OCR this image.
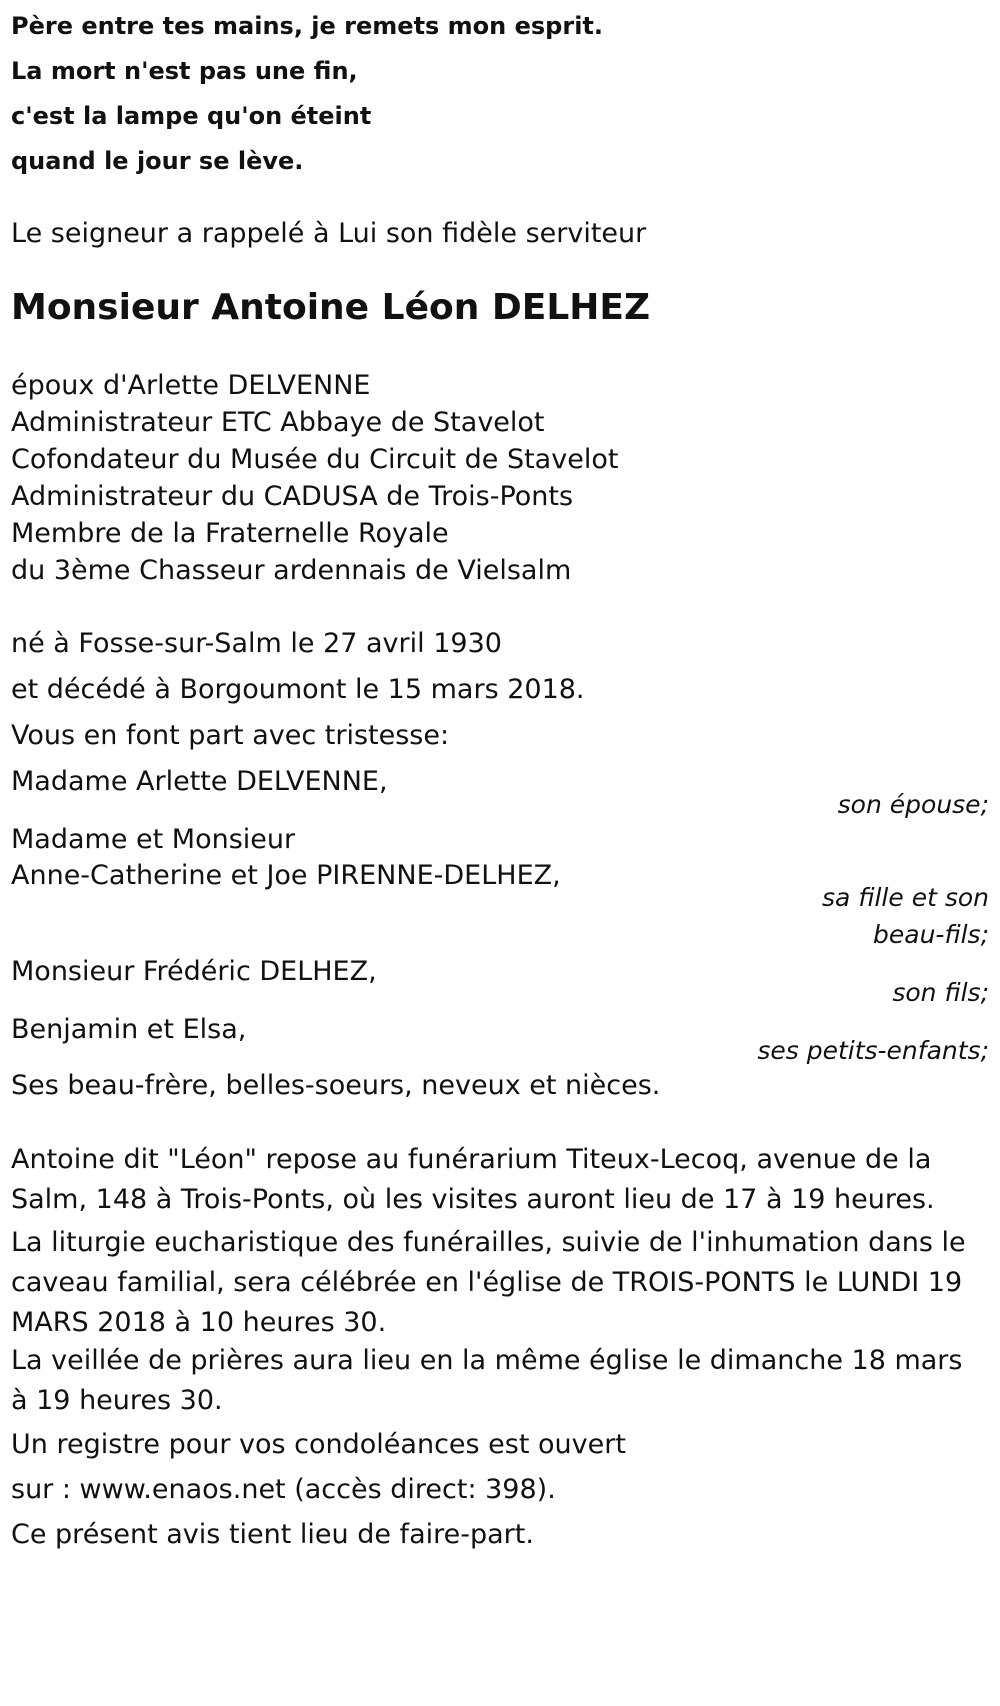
Père entre tes mains, je remets mon esprit.
La mort n'est pas une fin,
c'est la lampe qu'on éteint
quand le jour se lève.
Le seigneur a rappelé à Lui son fidèle serviteur
Monsieur Antoine Léon DELHEZ
époux d'Arlette DELVENNE
Administrateur ETC Abbaye de Stavelot
Cofondateur du Musée du Circuit de Stavelot
Administrateur du CADUSA de Trois-Ponts
Membre de la Fraternelle Royale
du 3ème Chasseur ardennais de Vielsalm
né à Fosse-sur-Salm le 27 avril 1930
et décédé à Borgoumont le 15 mars 2018.
Vous en font part avec tristesse:
Madame Arlette DELVENNE,
son épouse;
Madame et Monsieur
Anne-Catherine et Joe PIRENNE-DELHEZ,
sa fille et son
beau-fils;
Monsieur Frédéric DELHEZ,
son fils;
Benjamin et Elsa,
ses petits-enfants;
Ses beau-frère, belles-soeurs, neveux et nièces.
Antoine dit "Léon" repose au funérarium Titeux-Lecoq, avenue de la Salm, 148 à Trois-Ponts, où les visites auront lieu de 17 à 19 heures.
La liturgie eucharistique des funérailles, suivie de l'inhumation dans le caveau familial, sera célébrée en l'église de TROIS-PONTS le LUNDI 19 MARS 2018 à 10 heures 30.
La veillée de prières aura lieu en la même église le dimanche 18 mars à 19 heures 30.
Un registre pour vos condoléances est ouvert
sur : www.enaos.net (accès direct: 398).
Ce présent avis tient lieu de faire-part.
